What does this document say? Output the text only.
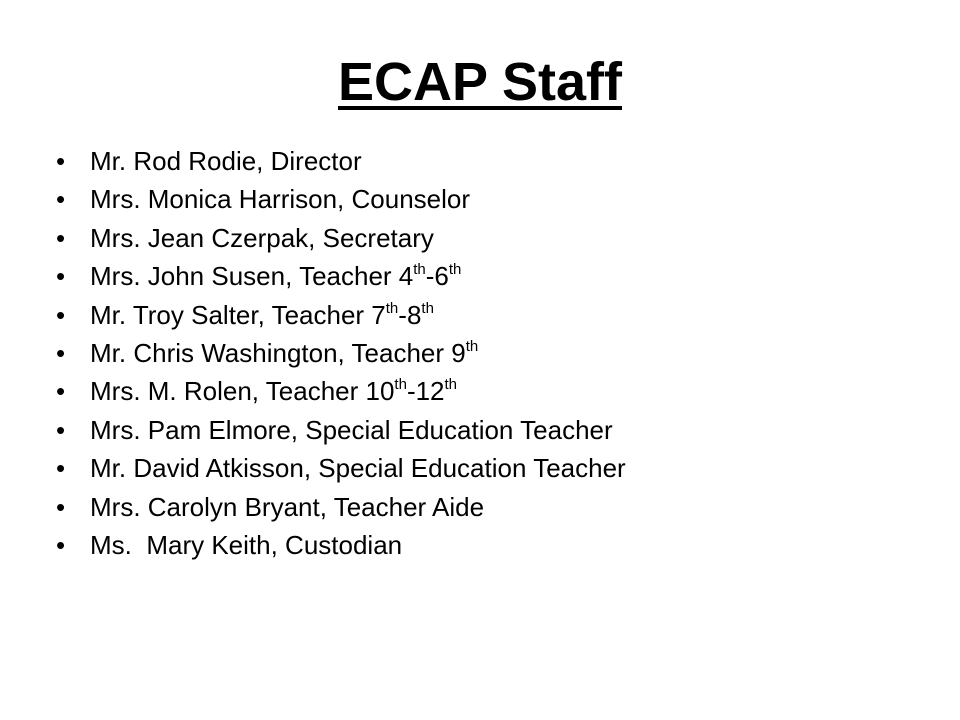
ECAP Staff
• Mr. Rod Rodie, Director
• Mrs. Monica Harrison, Counselor
• Mrs. Jean Czerpak, Secretary
• Mrs. John Susen, Teacher 4th-6th
• Mr. Troy Salter, Teacher 7th-8th
• Mr. Chris Washington, Teacher 9th
• Mrs. M. Rolen, Teacher 10th-12th
• Mrs. Pam Elmore, Special Education Teacher
• Mr. David Atkisson, Special Education Teacher
• Mrs. Carolyn Bryant, Teacher Aide
• Ms.  Mary Keith, Custodian
